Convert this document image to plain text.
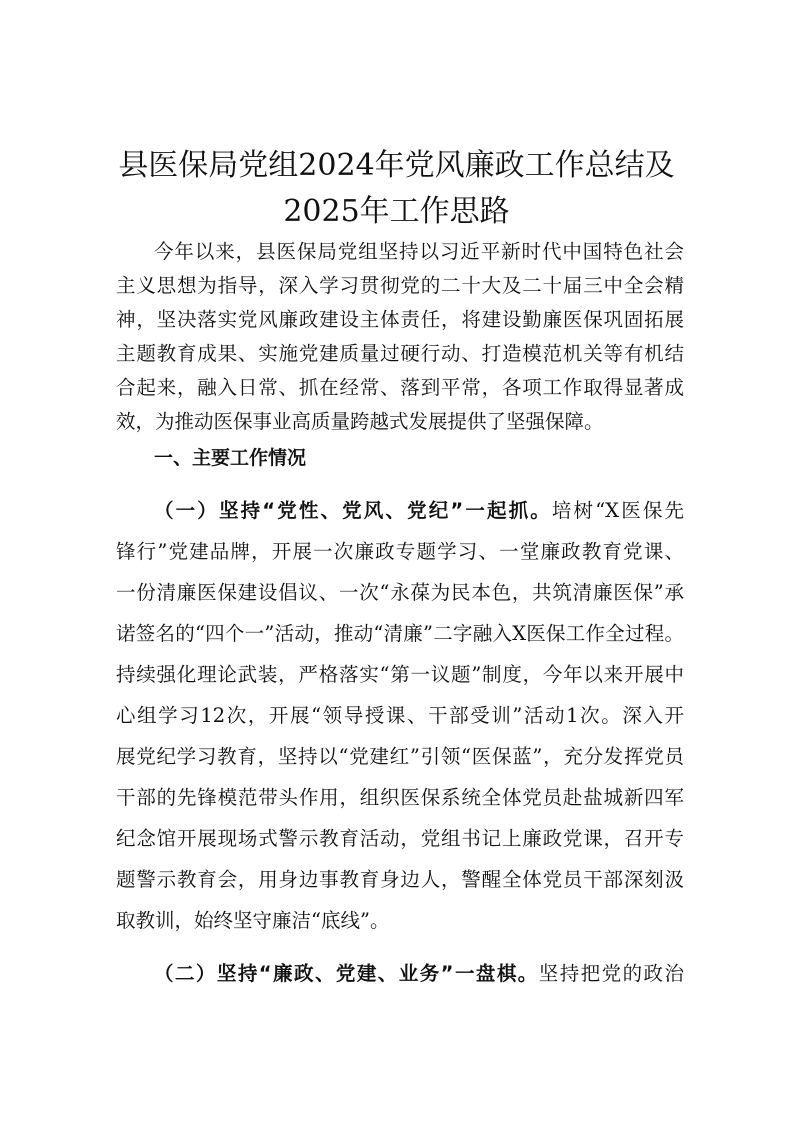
县医保局党组2024年党风廉政工作总结及
2025年工作思路
今年以来，县医保局党组坚持以习近平新时代中国特色社会
主义思想为指导，深入学习贯彻党的二十大及二十届三中全会精
神，坚决落实党风廉政建设主体责任，将建设勤廉医保巩固拓展
主题教育成果、实施党建质量过硬行动、打造模范机关等有机结
合起来，融入日常、抓在经常、落到平常，各项工作取得显著成
效，为推动医保事业高质量跨越式发展提供了坚强保障。
一、主要工作情况
（一）坚持“党性、党风、党纪”一起抓。培树“X医保先
锋行”党建品牌，开展一次廉政专题学习、一堂廉政教育党课、
一份清廉医保建设倡议、一次“永葆为民本色，共筑清廉医保”承
诺签名的“四个一”活动，推动“清廉”二字融入X医保工作全过程。
持续强化理论武装，严格落实“第一议题”制度，今年以来开展中
心组学习12次，开展“领导授课、干部受训”活动1次。深入开
展党纪学习教育，坚持以“党建红”引领“医保蓝”，充分发挥党员
干部的先锋模范带头作用，组织医保系统全体党员赴盐城新四军
纪念馆开展现场式警示教育活动，党组书记上廉政党课，召开专
题警示教育会，用身边事教育身边人，警醒全体党员干部深刻汲
取教训，始终坚守廉洁“底线”。
（二）坚持“廉政、党建、业务”一盘棋。坚持把党的政治
